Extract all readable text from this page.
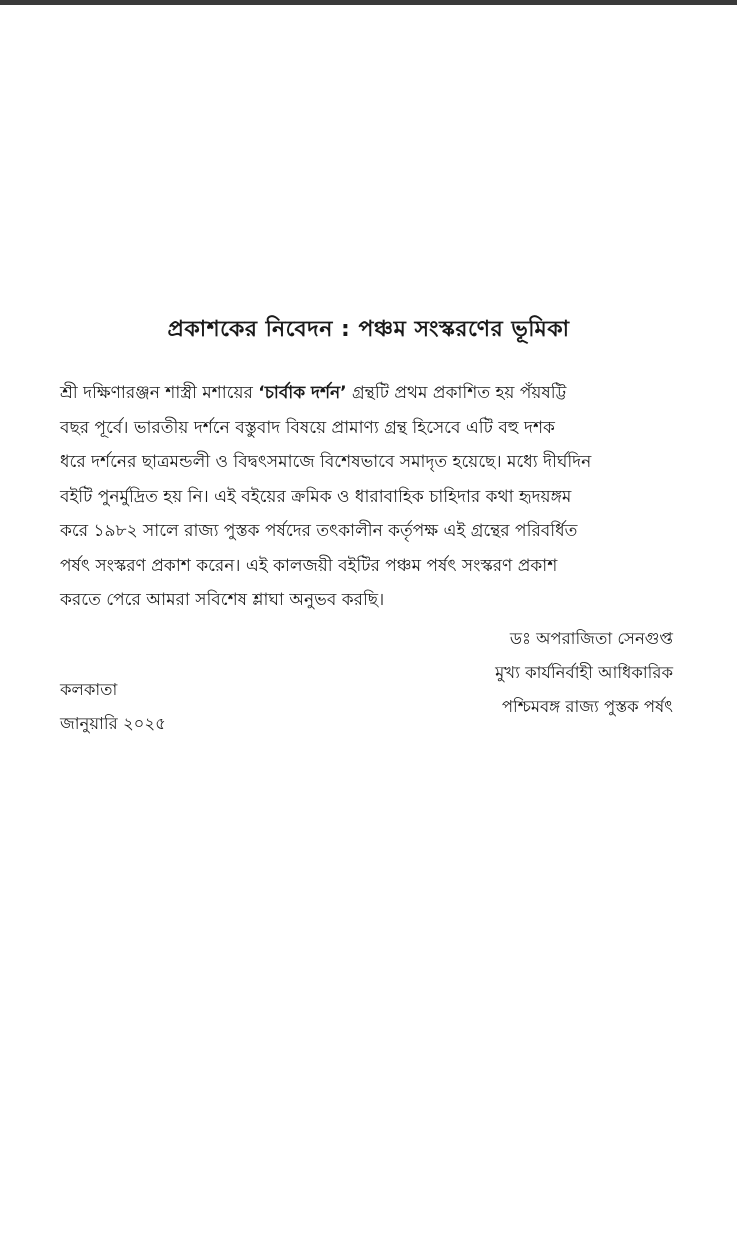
প্রকাশকের নিবেদন : পঞ্চম সংস্করণের ভূমিকা
শ্রী দক্ষিণারঞ্জন শাস্ত্রী মশায়ের ‘চার্বাক দর্শন’ গ্রন্থটি প্রথম প্রকাশিত হয় পঁয়ষট্টি
বছর পূর্বে। ভারতীয় দর্শনে বস্তুবাদ বিষয়ে প্রামাণ্য গ্রন্থ হিসেবে এটি বহু দশক
ধরে দর্শনের ছাত্রমন্ডলী ও বিদ্বৎসমাজে বিশেষভাবে সমাদৃত হয়েছে। মধ্যে দীর্ঘদিন
বইটি পুনর্মুদ্রিত হয় নি। এই বইয়ের ক্রমিক ও ধারাবাহিক চাহিদার কথা হৃদয়ঙ্গম
করে ১৯৮২ সালে রাজ্য পুস্তক পর্ষদের তৎকালীন কর্তৃপক্ষ এই গ্রন্থের পরিবর্ধিত
পর্ষৎ সংস্করণ প্রকাশ করেন। এই কালজয়ী বইটির পঞ্চম পর্ষৎ সংস্করণ প্রকাশ
করতে পেরে আমরা সবিশেষ শ্লাঘা অনুভব করছি।
ডঃ অপরাজিতা সেনগুপ্ত
মুখ্য কার্যনির্বাহী আধিকারিক
পশ্চিমবঙ্গ রাজ্য পুস্তক পর্ষৎ
কলকাতা
জানুয়ারি ২০২৫
